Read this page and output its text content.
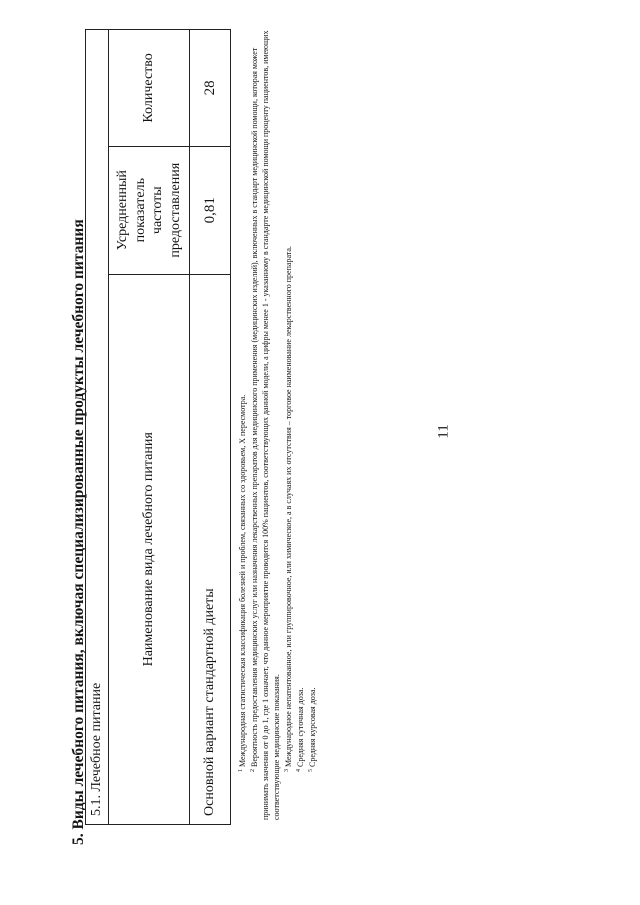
11
5. Виды лечебного питания, включая специализированные продукты лечебного питания 5.1. Лечебное питание		
Наименование вида лечебного питания	Усредненный показатель частоты предоставления	Количество
Основной вариант стандартной диеты	0,81	28

$^1$Международная статистическая классификация болезней и проблем, связанных со здоровьем, X пересмотра.

$^2$Вероятность предоставления медицинских услуг или назначения лекарственных препаратов для медицинского применения (медицинских изделий), включенных в стандарт медицинской помощи, которая может принимать значения от 0 до 1, где 1 означает, что данное мероприятие проводится 100% пациентов, соответствующих данной модели, а цифры менее 1 - указанному в стандарте медицинской помощи проценту пациентов, имеющих соответствующие медицинские показания. $^3$Международное непатентованное, или группировочное, или химическое, а в случаях их отсутствия – торговое наименование лекарственного препарата.

$^4$Средняя суточная доза.

$^5$Средняя курсовая доза.
